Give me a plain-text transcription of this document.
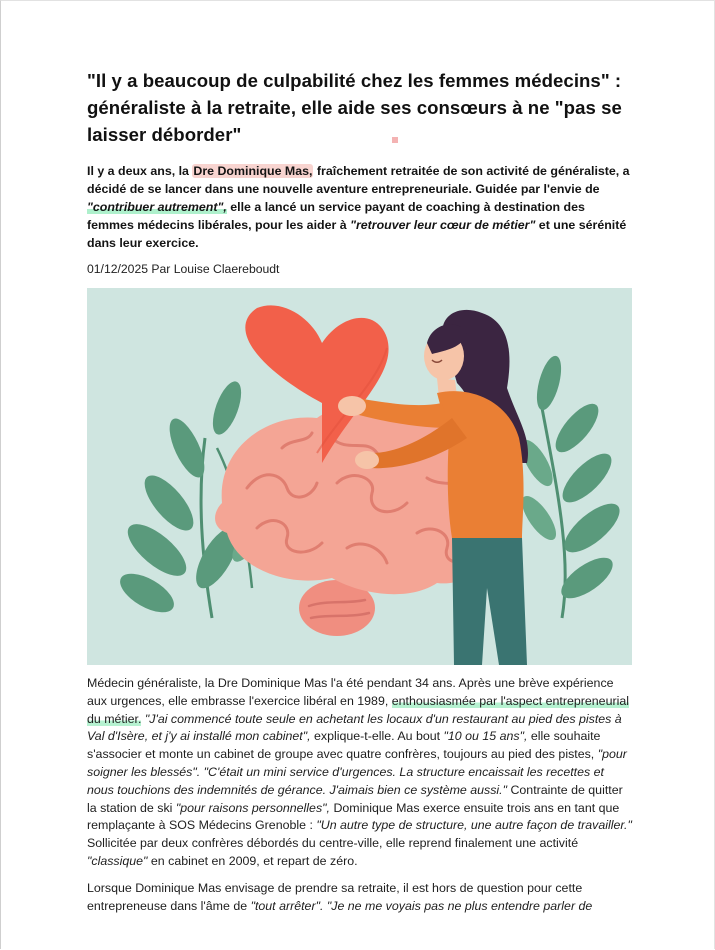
"Il y a beaucoup de culpabilité chez les femmes médecins" : généraliste à la retraite, elle aide ses consœurs à ne "pas se laisser déborder"

Il y a deux ans, la Dre Dominique Mas, fraîchement retraitée de son activité de généraliste, a décidé de se lancer dans une nouvelle aventure entrepreneuriale. Guidée par l'envie de "contribuer autrement", elle a lancé un service payant de coaching à destination des femmes médecins libérales, pour les aider à "retrouver leur cœur de métier" et une sérénité dans leur exercice.

01/12/2025 Par Louise Claereboudt

Médecin généraliste, la Dre Dominique Mas l'a été pendant 34 ans. Après une brève expérience aux urgences, elle embrasse l'exercice libéral en 1989, enthousiasmée par l'aspect entrepreneurial du métier. "J'ai commencé toute seule en achetant les locaux d'un restaurant au pied des pistes à Val d'Isère, et j'y ai installé mon cabinet", explique-t-elle. Au bout "10 ou 15 ans", elle souhaite s'associer et monte un cabinet de groupe avec quatre confrères, toujours au pied des pistes, "pour soigner les blessés". "C'était un mini service d'urgences. La structure encaissait les recettes et nous touchions des indemnités de gérance. J'aimais bien ce système aussi." Contrainte de quitter la station de ski "pour raisons personnelles", Dominique Mas exerce ensuite trois ans en tant que remplaçante à SOS Médecins Grenoble : "Un autre type de structure, une autre façon de travailler." Sollicitée par deux confrères débordés du centre-ville, elle reprend finalement une activité "classique" en cabinet en 2009, et repart de zéro.

Lorsque Dominique Mas envisage de prendre sa retraite, il est hors de question pour cette entrepreneuse dans l'âme de "tout arrêter". "Je ne me voyais pas ne plus entendre parler de
